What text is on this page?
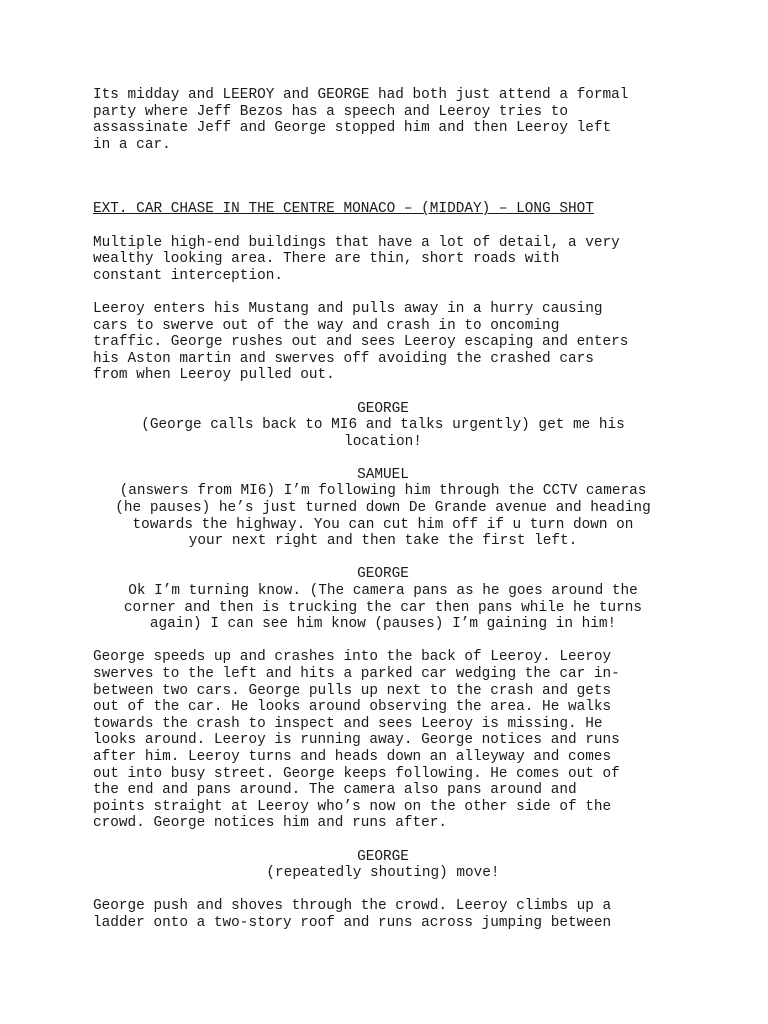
Its midday and LEEROY and GEORGE had both just attend a formal
party where Jeff Bezos has a speech and Leeroy tries to
assassinate Jeff and George stopped him and then Leeroy left
in a car.

EXT. CAR CHASE IN THE CENTRE MONACO – (MIDDAY) – LONG SHOT

Multiple high-end buildings that have a lot of detail, a very
wealthy looking area. There are thin, short roads with
constant interception.

Leeroy enters his Mustang and pulls away in a hurry causing
cars to swerve out of the way and crash in to oncoming
traffic. George rushes out and sees Leeroy escaping and enters
his Aston martin and swerves off avoiding the crashed cars
from when Leeroy pulled out.

GEORGE
(George calls back to MI6 and talks urgently) get me his
location!
SAMUEL
(answers from MI6) I’m following him through the CCTV cameras
(he pauses) he’s just turned down De Grande avenue and heading
towards the highway. You can cut him off if u turn down on
your next right and then take the first left.
GEORGE
Ok I’m turning know. (The camera pans as he goes around the
corner and then is trucking the car then pans while he turns
again) I can see him know (pauses) I’m gaining in him!

George speeds up and crashes into the back of Leeroy. Leeroy
swerves to the left and hits a parked car wedging the car in-
between two cars. George pulls up next to the crash and gets
out of the car. He looks around observing the area. He walks
towards the crash to inspect and sees Leeroy is missing. He
looks around. Leeroy is running away. George notices and runs
after him. Leeroy turns and heads down an alleyway and comes
out into busy street. George keeps following. He comes out of
the end and pans around. The camera also pans around and
points straight at Leeroy who’s now on the other side of the
crowd. George notices him and runs after.

GEORGE
(repeatedly shouting) move!

George push and shoves through the crowd. Leeroy climbs up a
ladder onto a two-story roof and runs across jumping between
